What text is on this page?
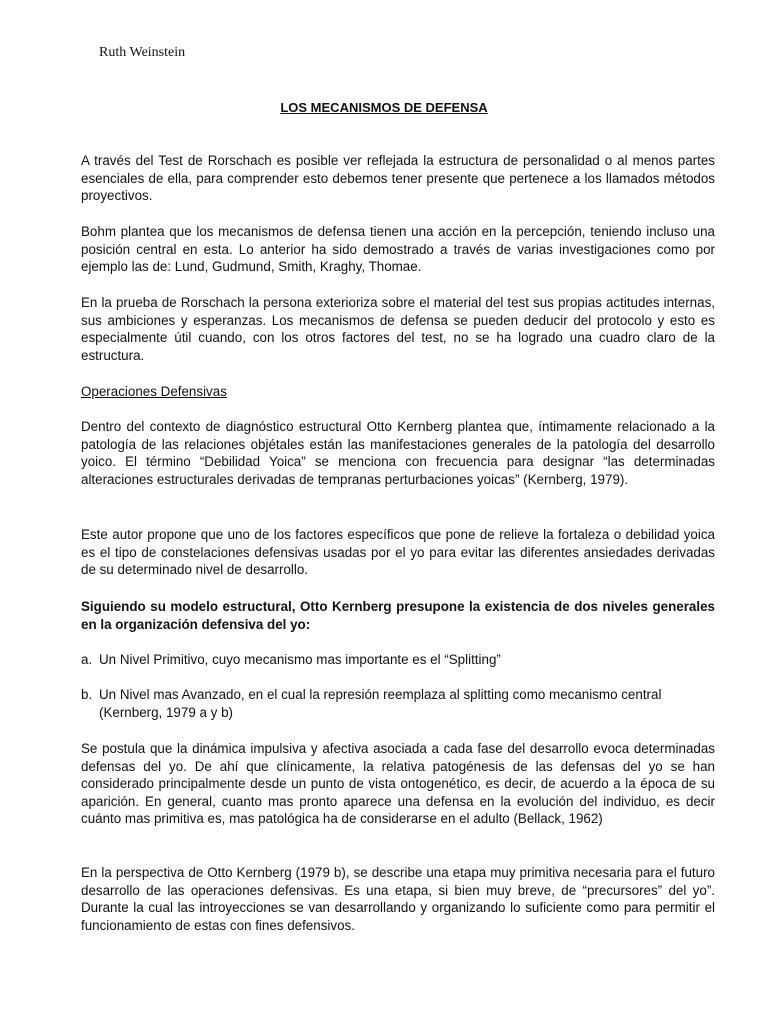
Ruth Weinstein
LOS MECANISMOS DE DEFENSA

A través del Test de Rorschach es posible ver reflejada la estructura de personalidad o al menos partes esenciales de ella, para comprender esto debemos tener presente que pertenece a los llamados métodos proyectivos.

Bohm plantea que los mecanismos de defensa tienen una acción en la percepción, teniendo incluso una posición central en esta. Lo anterior ha sido demostrado a través de varias investigaciones como por ejemplo las de: Lund, Gudmund, Smith, Kraghy, Thomae.

En la prueba de Rorschach la persona exterioriza sobre el material del test sus propias actitudes internas, sus ambiciones y esperanzas. Los mecanismos de defensa se pueden deducir del protocolo y esto es especialmente útil cuando, con los otros factores del test, no se ha logrado una cuadro claro de la estructura.

Operaciones Defensivas

Dentro del contexto de diagnóstico estructural Otto Kernberg plantea que, íntimamente relacionado a la patología de las relaciones objétales están las manifestaciones generales de la patología del desarrollo yoico. El término “Debilidad Yoica” se menciona con frecuencia para designar “las determinadas alteraciones estructurales derivadas de tempranas perturbaciones yoicas” (Kernberg, 1979).

Este autor propone que uno de los factores específicos que pone de relieve la fortaleza o debilidad yoica es el tipo de constelaciones defensivas usadas por el yo para evitar las diferentes ansiedades derivadas de su determinado nivel de desarrollo.

Siguiendo su modelo estructural, Otto Kernberg presupone la existencia de dos niveles generales en la organización defensiva del yo:

a. Un Nivel Primitivo, cuyo mecanismo mas importante es el “Splitting”
b. Un Nivel mas Avanzado, en el cual la represión reemplaza al splitting como mecanismo central
(Kernberg, 1979 a y b)

Se postula que la dinámica impulsiva y afectiva asociada a cada fase del desarrollo evoca determinadas defensas del yo. De ahí que clínicamente, la relativa patogénesis de las defensas del yo se han considerado principalmente desde un punto de vista ontogenético, es decir, de acuerdo a la época de su aparición. En general, cuanto mas pronto aparece una defensa en la evolución del individuo, es decir cuánto mas primitiva es, mas patológica ha de considerarse en el adulto (Bellack, 1962)

En la perspectiva de Otto Kernberg (1979 b), se describe una etapa muy primitiva necesaria para el futuro desarrollo de las operaciones defensivas. Es una etapa, si bien muy breve, de “precursores” del yo”. Durante la cual las introyecciones se van desarrollando y organizando lo suficiente como para permitir el funcionamiento de estas con fines defensivos.
